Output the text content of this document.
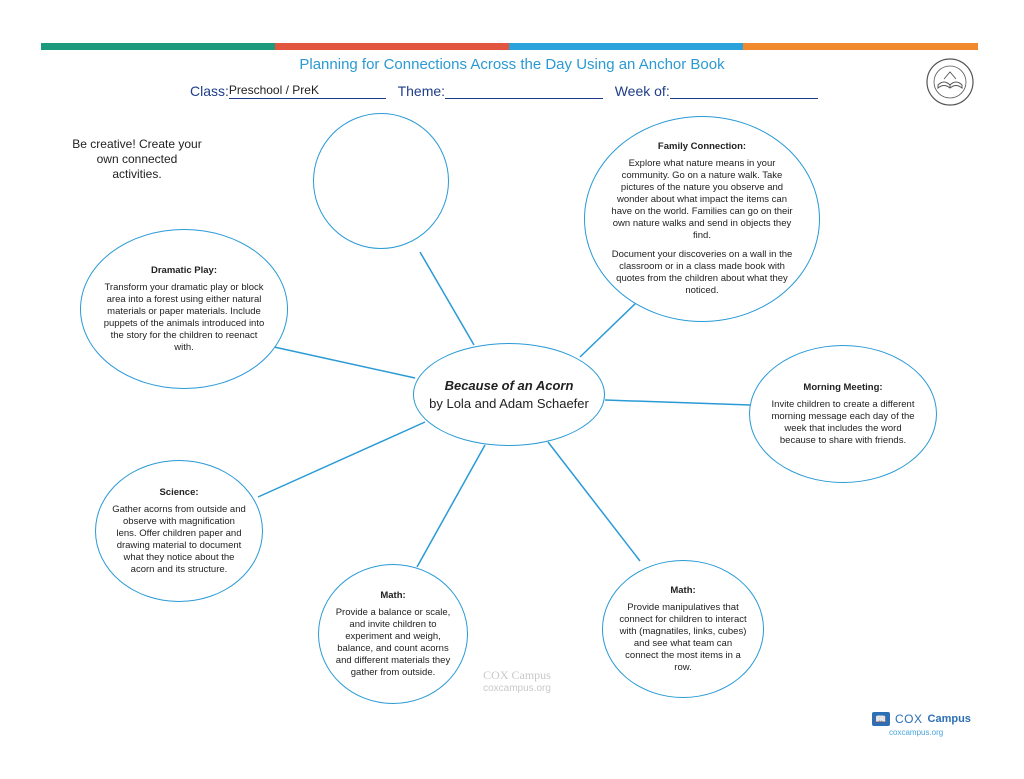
Planning for Connections Across the Day Using an Anchor Book
Class:Preschool / PreK	Theme:	Week of:
Be creative! Create your own connected activities.
Family Connection:

Explore what nature means in your community. Go on a nature walk. Take pictures of the nature you observe and wonder about what impact the items can have on the world. Families can go on their own nature walks and send in objects they find.

Document your discoveries on a wall in the classroom or in a class made book with quotes from the children about what they noticed.

Dramatic Play:

Transform your dramatic play or block area into a forest using either natural materials or paper materials. Include puppets of the animals introduced into the story for the children to reenact with.

Morning Meeting:

Invite children to create a different morning message each day of the week that includes the word because to share with friends.

Science:

Gather acorns from outside and observe with magnification lens. Offer children paper and drawing material to document what they notice about the acorn and its structure.

Math:

Provide a balance or scale, and invite children to experiment and weigh, balance, and count acorns and different materials they gather from outside.

Math:

Provide manipulatives that connect for children to interact with (magnatiles, links, cubes) and see what team can connect the most items in a row.

Because of an Acorn
by Lola and Adam Schaefer
COX Campus
coxcampus.org
📖 COX Campus
coxcampus.org
